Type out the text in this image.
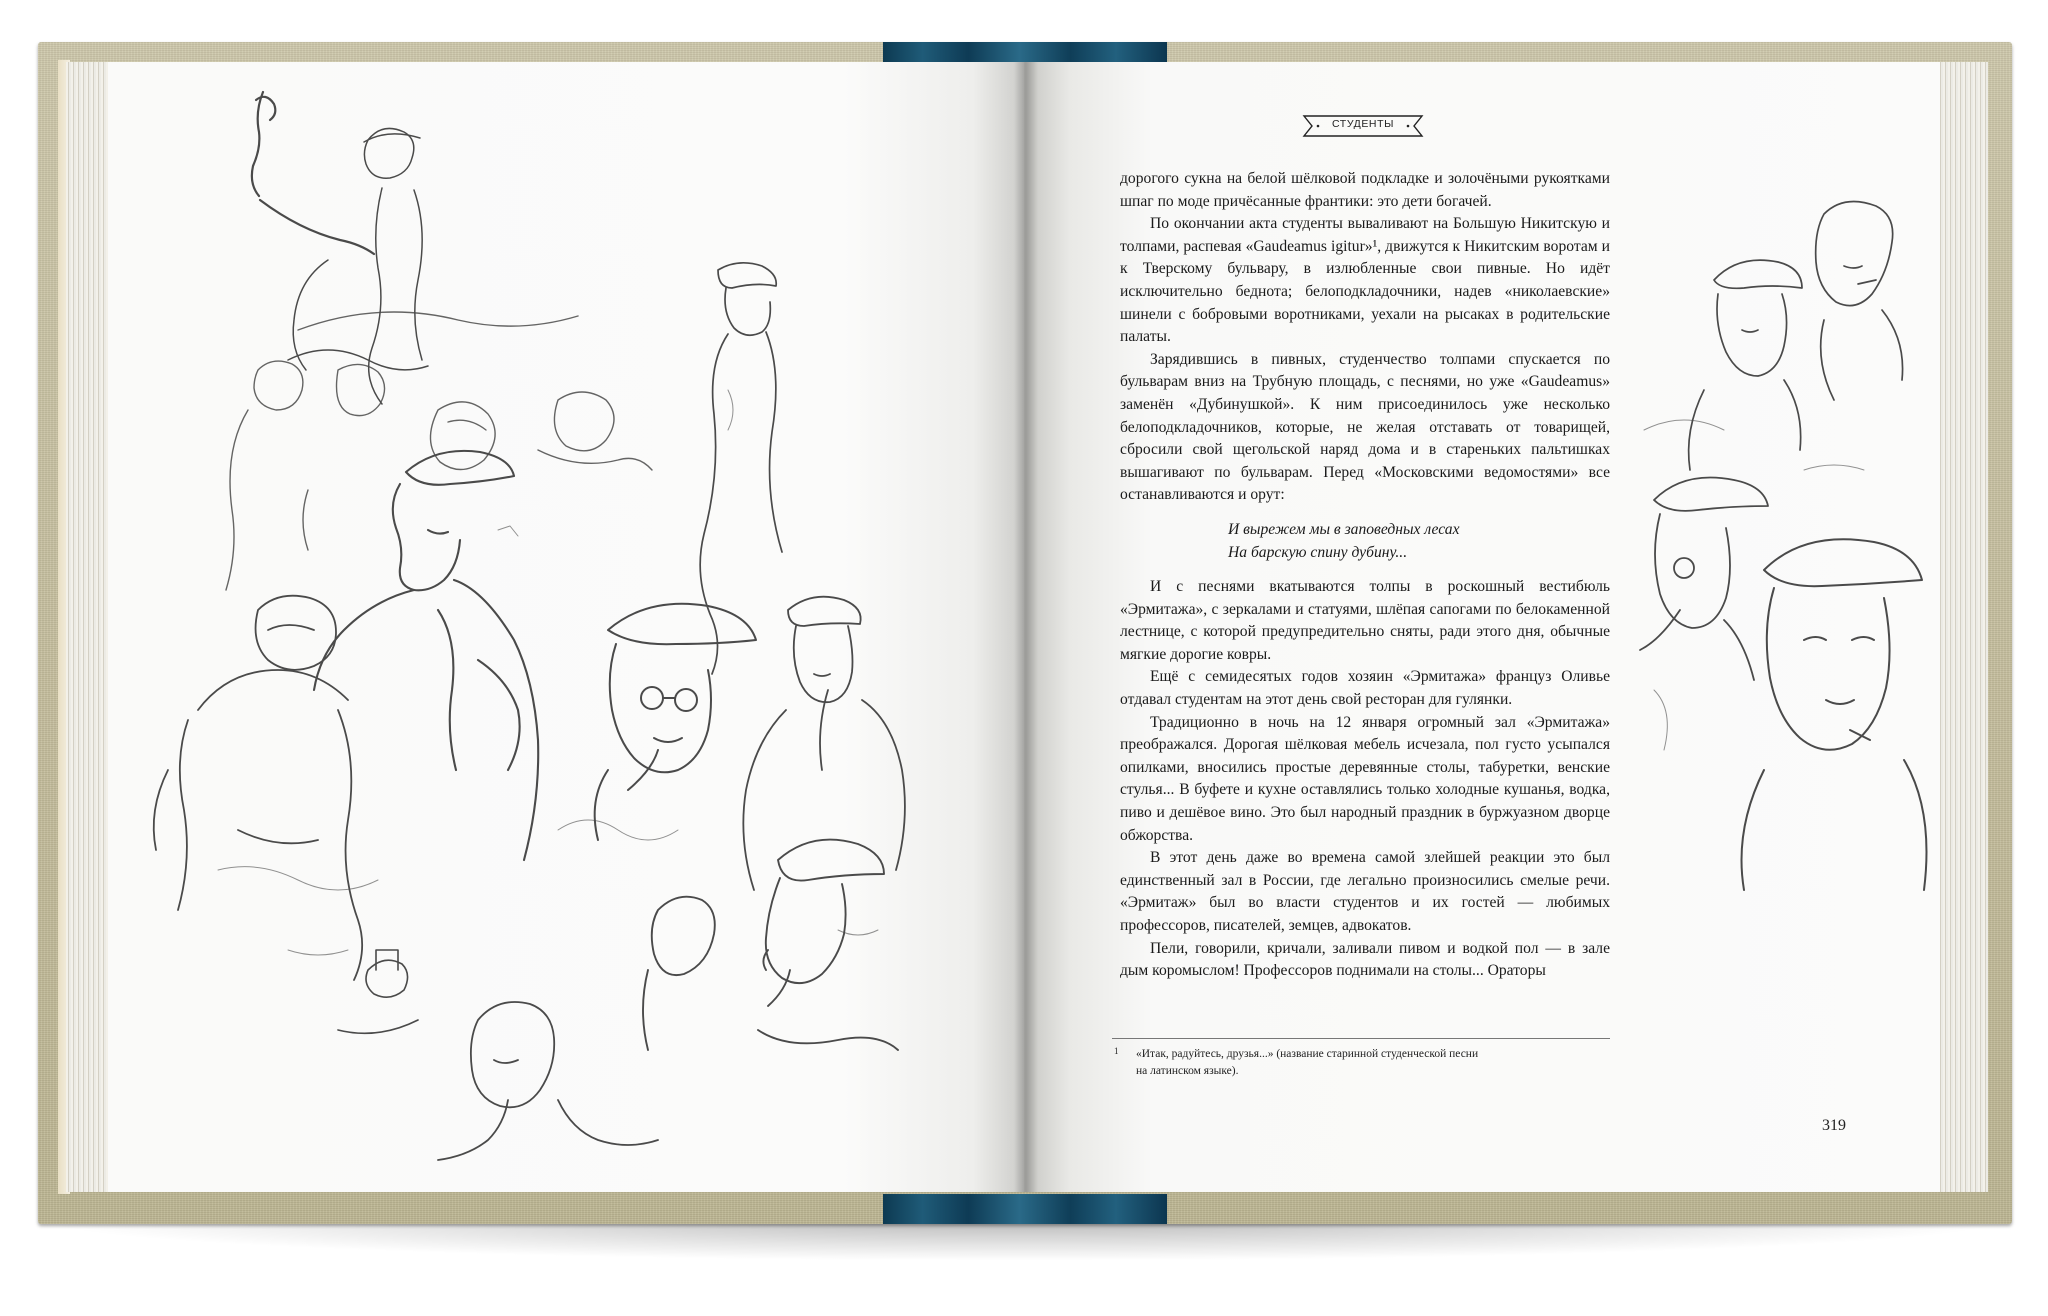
СТУДЕНТЫ

дорогого сукна на белой шёлковой подкладке и золочёными рукоятками шпаг по моде причёсанные франтики: это дети богачей.

По окончании акта студенты вываливают на Большую Никитскую и толпами, распевая «Gaudeamus igitur»¹, движутся к Никитским воротам и к Тверскому бульвару, в излюбленные свои пивные. Но идёт исключительно беднота; белоподкладочники, надев «николаевские» шинели с бобровыми воротниками, уехали на рысаках в родительские палаты.

Зарядившись в пивных, студенчество толпами спускается по бульварам вниз на Трубную площадь, с песнями, но уже «Gaudeamus» заменён «Дубинушкой». К ним присоединилось уже несколько белоподкладочников, которые, не желая отставать от товарищей, сбросили свой щегольской наряд дома и в стареньких пальтишках вышагивают по бульварам. Перед «Московскими ведомостями» все останавливаются и орут:

И вырежем мы в заповедных лесах
На барскую спину дубину...

И с песнями вкатываются толпы в роскошный вестибюль «Эрмитажа», с зеркалами и статуями, шлёпая сапогами по белокаменной лестнице, с которой предупредительно сняты, ради этого дня, обычные мягкие дорогие ковры.

Ещё с семидесятых годов хозяин «Эрмитажа» француз Оливье отдавал студентам на этот день свой ресторан для гулянки.

Традиционно в ночь на 12 января огромный зал «Эрмитажа» преображался. Дорогая шёлковая мебель исчезала, пол густо усыпался опилками, вносились простые деревянные столы, табуретки, венские стулья... В буфете и кухне оставлялись только холодные кушанья, водка, пиво и дешёвое вино. Это был народный праздник в буржуазном дворце обжорства.

В этот день даже во времена самой злейшей реакции это был единственный зал в России, где легально произносились смелые речи. «Эрмитаж» был во власти студентов и их гостей — любимых профессоров, писателей, земцев, адвокатов.

Пели, говорили, кричали, заливали пивом и водкой пол — в зале дым коромыслом! Профессоров поднимали на столы... Ораторы

1	«Итак, радуйтесь, друзья...» (название старинной студенческой песни
на латинском языке).
319
